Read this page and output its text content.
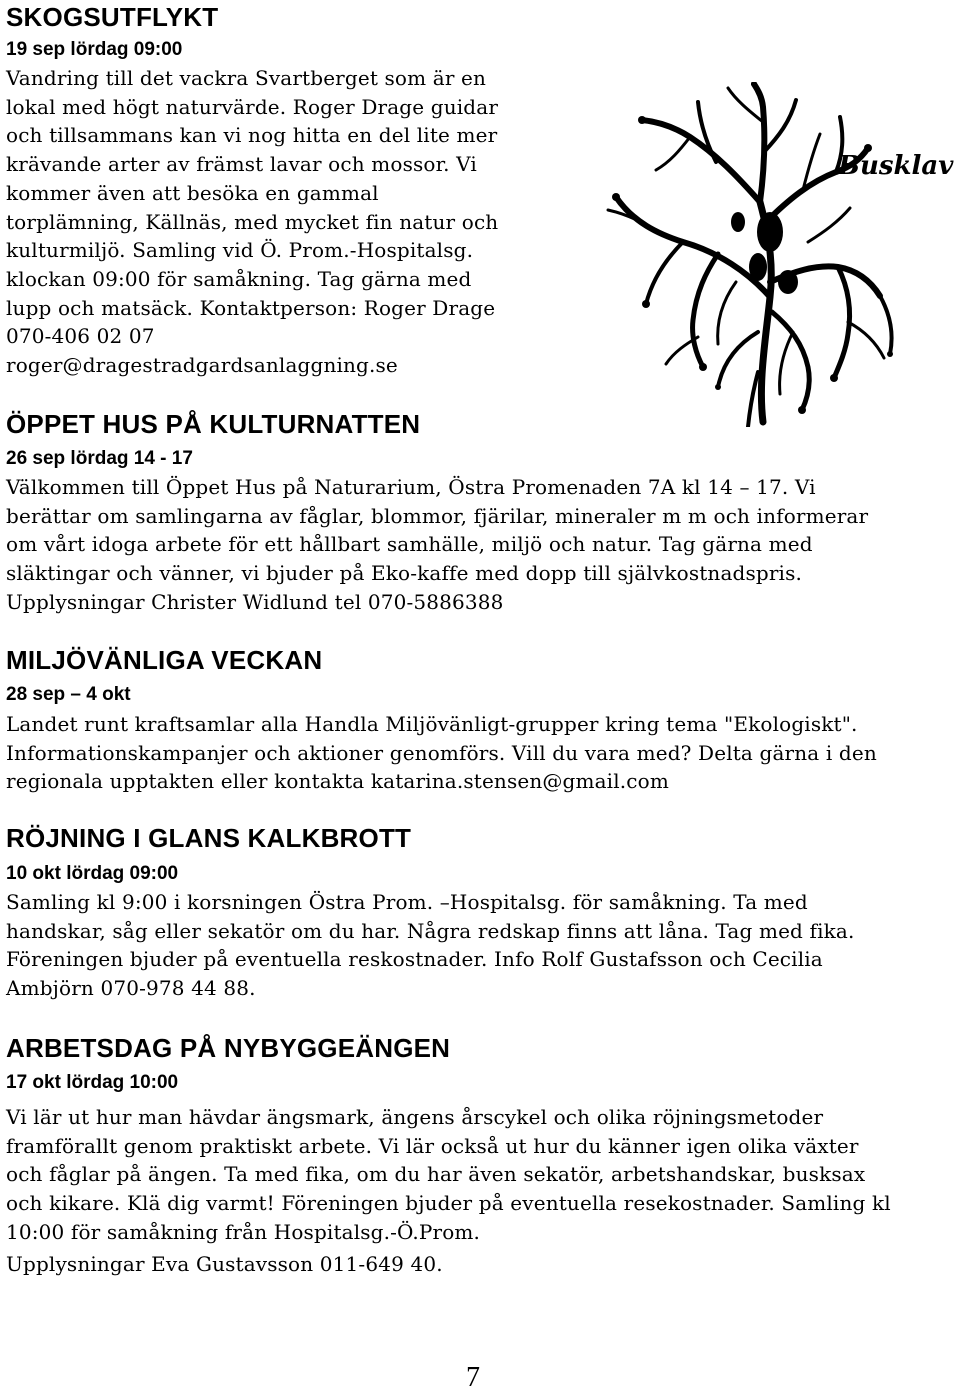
SKOGSUTFLYKT
19 sep lördag 09:00
Vandring till det vackra Svartberget som är en
lokal med högt naturvärde. Roger Drage guidar
och tillsammans kan vi nog hitta en del lite mer
krävande arter av främst lavar och mossor. Vi
kommer även att besöka en gammal
torplämning, Källnäs, med mycket fin natur och
kulturmiljö. Samling vid Ö. Prom.-Hospitalsg.
klockan 09:00 för samåkning. Tag gärna med
lupp och matsäck. Kontaktperson: Roger Drage
070-406 02 07
roger@dragestradgardsanlaggning.se
Busklav
ÖPPET HUS PÅ KULTURNATTEN
26 sep lördag 14 - 17
Välkommen till Öppet Hus på Naturarium, Östra Promenaden 7A kl 14 – 17. Vi
berättar om samlingarna av fåglar, blommor, fjärilar, mineraler m m och informerar
om vårt idoga arbete för ett hållbart samhälle, miljö och natur. Tag gärna med
släktingar och vänner, vi bjuder på Eko-kaffe med dopp till självkostnadspris.
Upplysningar Christer Widlund tel 070-5886388
MILJÖVÄNLIGA VECKAN
28 sep – 4 okt
Landet runt kraftsamlar alla Handla Miljövänligt-grupper kring tema "Ekologiskt".
Informationskampanjer och aktioner genomförs. Vill du vara med? Delta gärna i den
regionala upptakten eller kontakta katarina.stensen@gmail.com
RÖJNING I GLANS KALKBROTT
10 okt lördag 09:00
Samling kl 9:00 i korsningen Östra Prom. –Hospitalsg. för samåkning. Ta med
handskar, såg eller sekatör om du har. Några redskap finns att låna. Tag med fika.
Föreningen bjuder på eventuella reskostnader. Info Rolf Gustafsson och Cecilia
Ambjörn 070-978 44 88.
ARBETSDAG PÅ NYBYGGEÄNGEN
17 okt lördag 10:00
Vi lär ut hur man hävdar ängsmark, ängens årscykel och olika röjningsmetoder
framförallt genom praktiskt arbete. Vi lär också ut hur du känner igen olika växter
och fåglar på ängen. Ta med fika, om du har även sekatör, arbetshandskar, busksax
och kikare. Klä dig varmt! Föreningen bjuder på eventuella resekostnader. Samling kl
10:00 för samåkning från Hospitalsg.-Ö.Prom.
Upplysningar Eva Gustavsson 011-649 40.
7
